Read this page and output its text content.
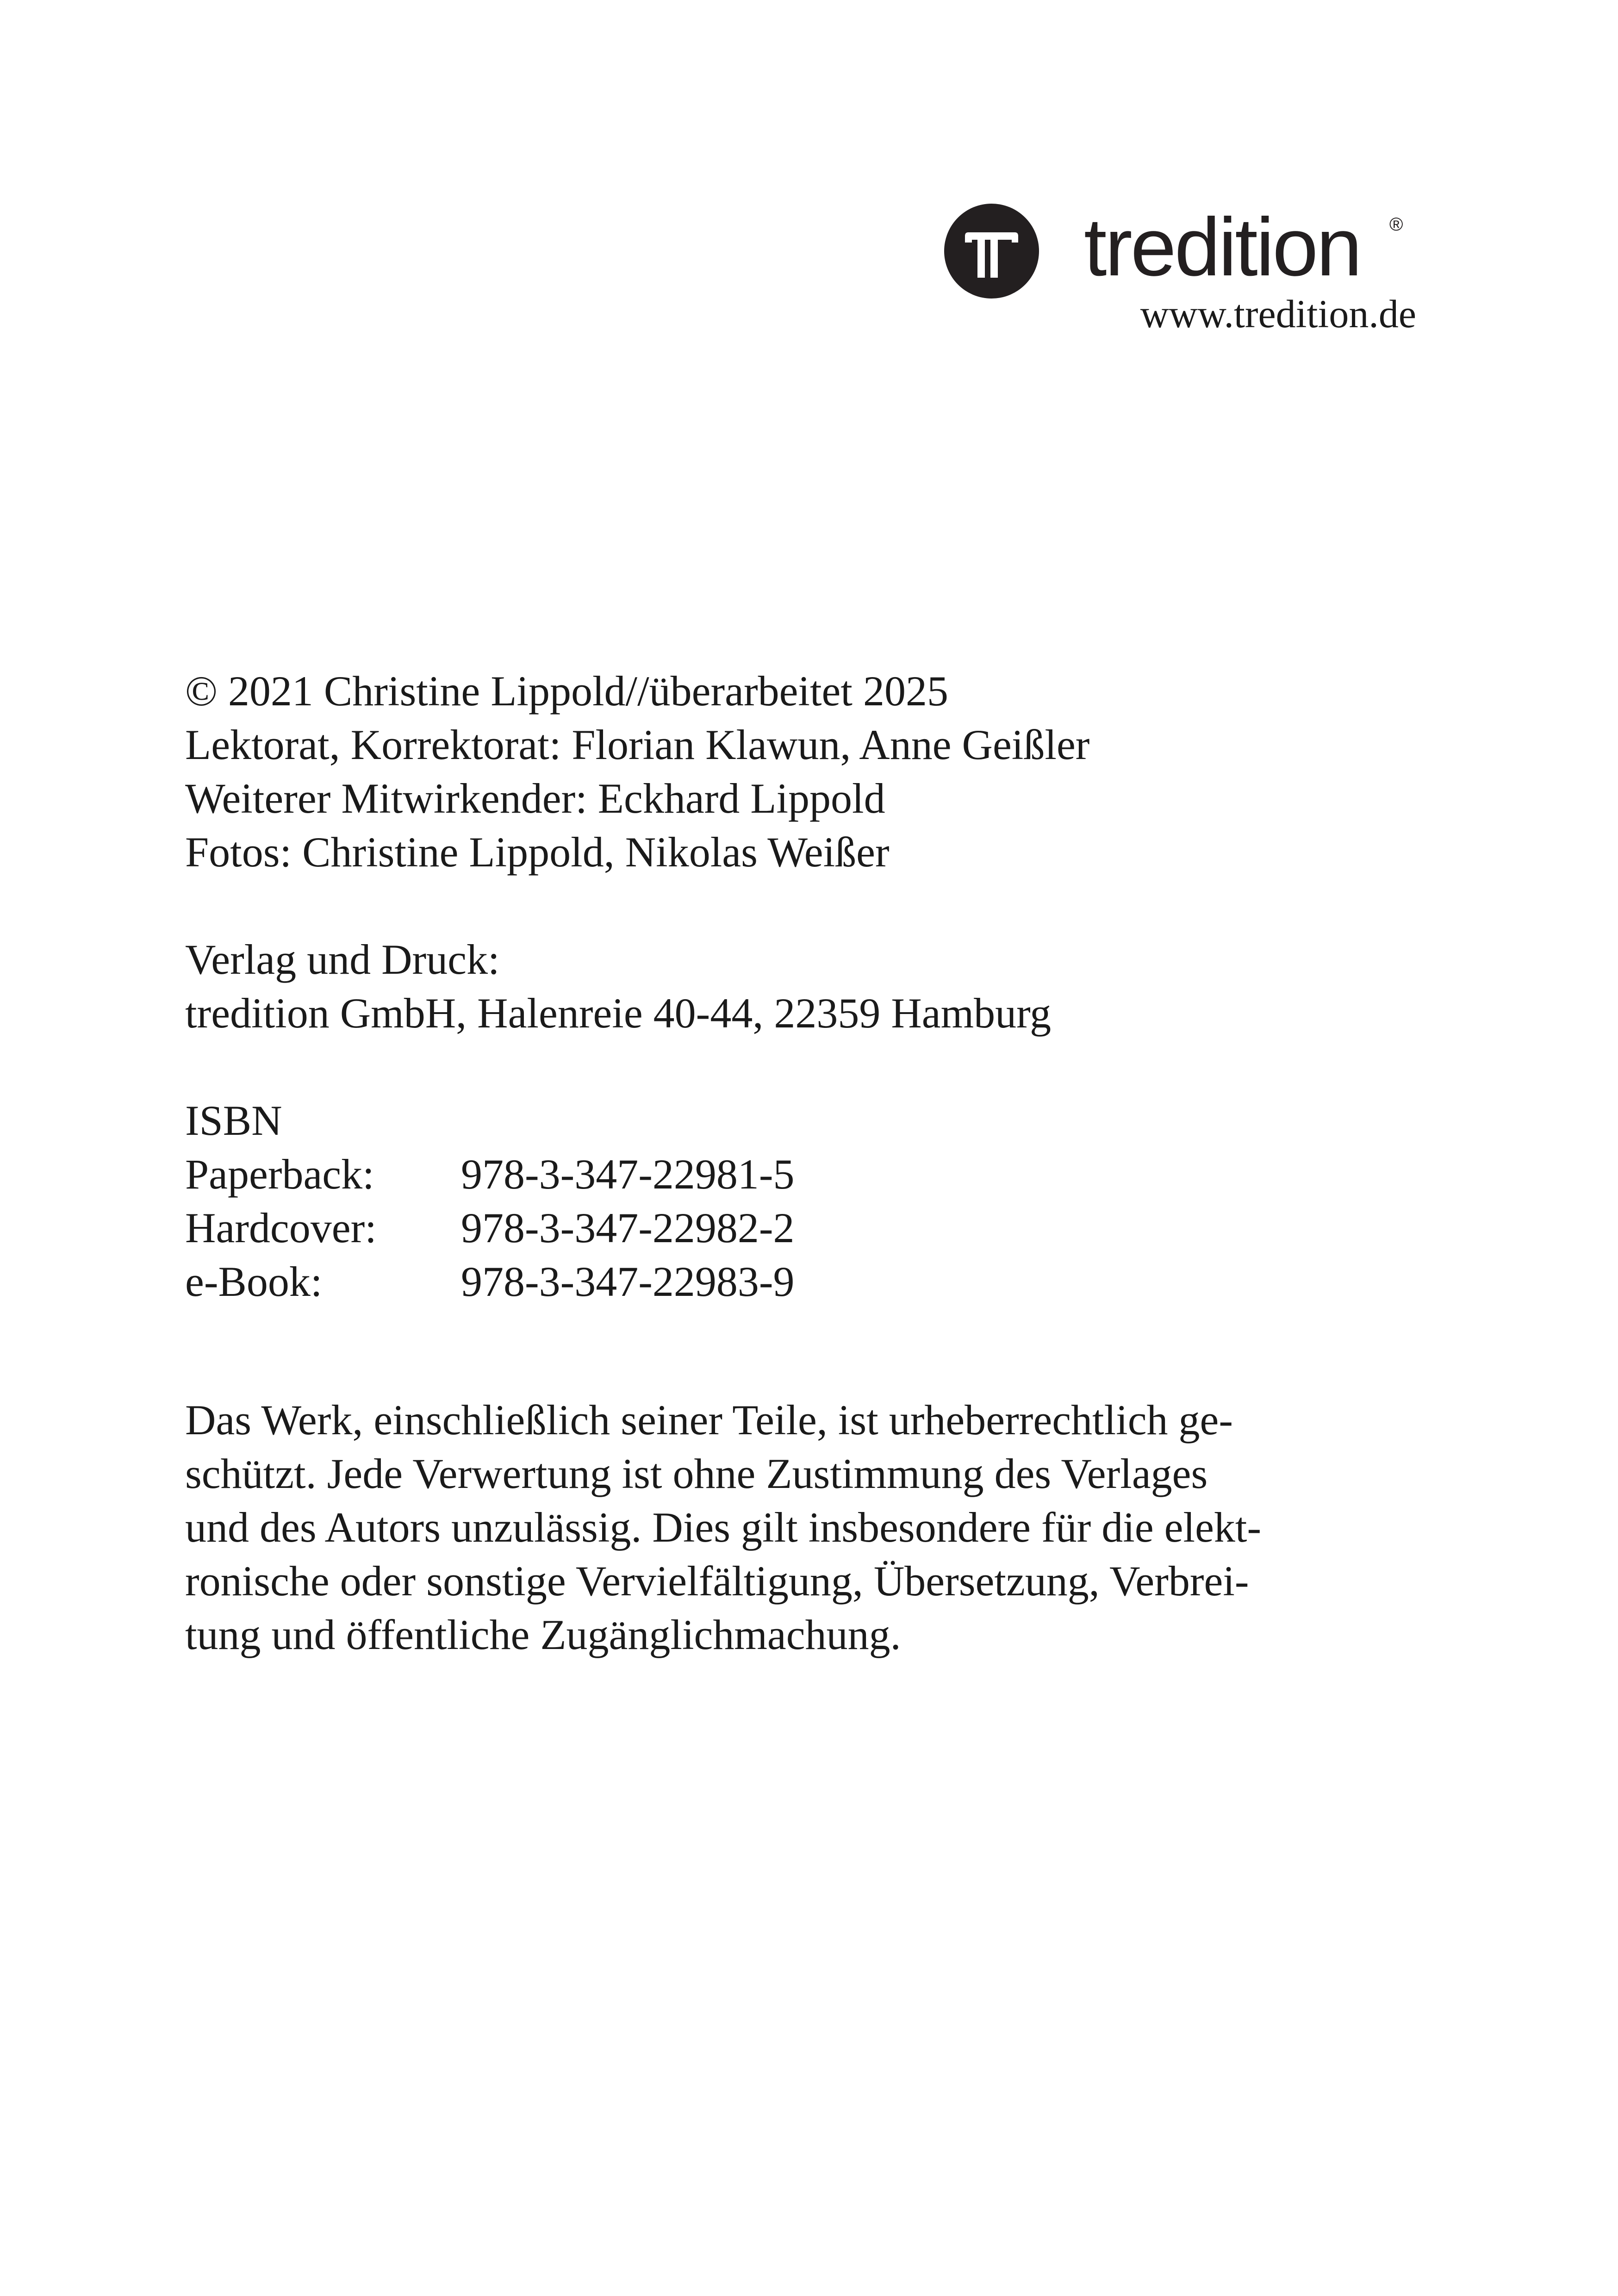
tredition ®
www.tredition.de
© 2021 Christine Lippold//überarbeitet 2025
Lektorat, Korrektorat: Florian Klawun, Anne Geißler
Weiterer Mitwirkender: Eckhard Lippold
Fotos: Christine Lippold, Nikolas Weißer
Verlag und Druck:
tredition GmbH, Halenreie 40-44, 22359 Hamburg
ISBN
Paperback:	978-3-347-22981-5
Hardcover:	978-3-347-22982-2
e-Book:	978-3-347-22983-9
Das Werk, einschließlich seiner Teile, ist urheberrechtlich ge-
schützt. Jede Verwertung ist ohne Zustimmung des Verlages
und des Autors unzulässig. Dies gilt insbesondere für die elekt-
ronische oder sonstige Vervielfältigung, Übersetzung, Verbrei-
tung und öffentliche Zugänglichmachung.
